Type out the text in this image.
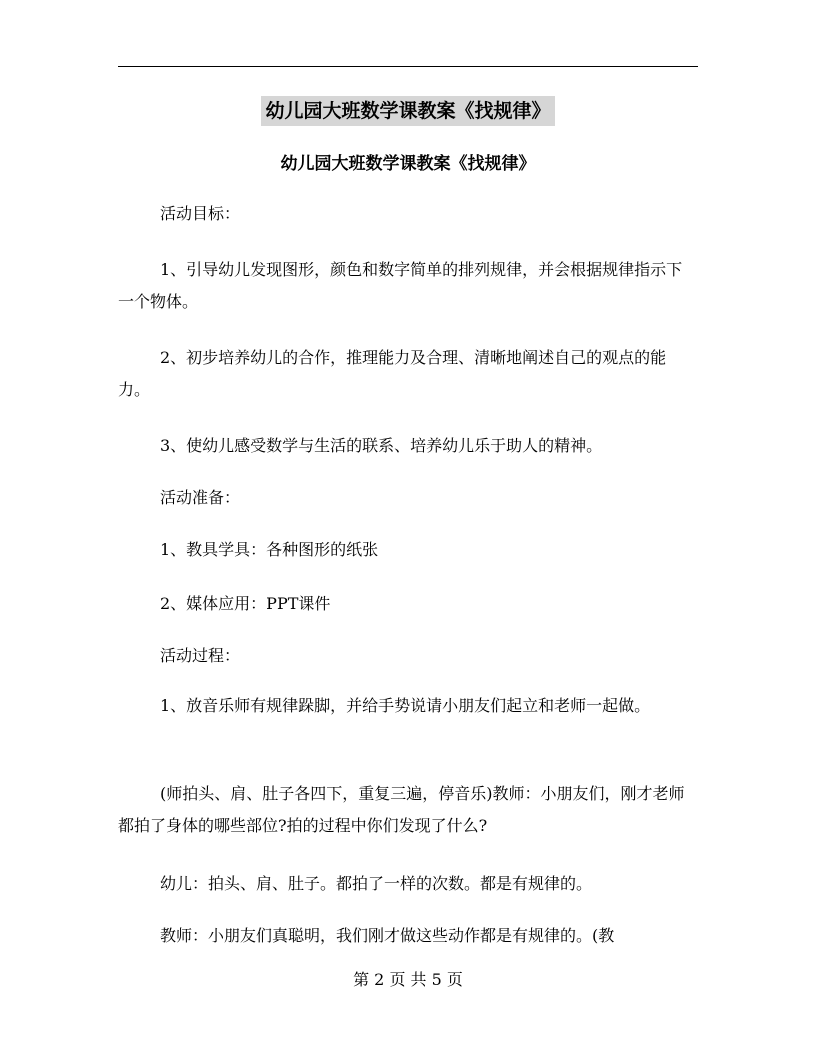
幼儿园大班数学课教案《找规律》
幼儿园大班数学课教案《找规律》

活动目标：

1、引导幼儿发现图形，颜色和数字简单的排列规律，并会根据规律指示下一个物体。

2、初步培养幼儿的合作，推理能力及合理、清晰地阐述自己的观点的能力。

3、使幼儿感受数学与生活的联系、培养幼儿乐于助人的精神。

活动准备：

1、教具学具：各种图形的纸张

2、媒体应用：PPT课件

活动过程：

1、放音乐师有规律跺脚，并给手势说请小朋友们起立和老师一起做。

(师拍头、肩、肚子各四下，重复三遍，停音乐)教师：小朋友们，刚才老师都拍了身体的哪些部位?拍的过程中你们发现了什么?

幼儿：拍头、肩、肚子。都拍了一样的次数。都是有规律的。

教师：小朋友们真聪明，我们刚才做这些动作都是有规律的。(教

第 2 页 共 5 页
